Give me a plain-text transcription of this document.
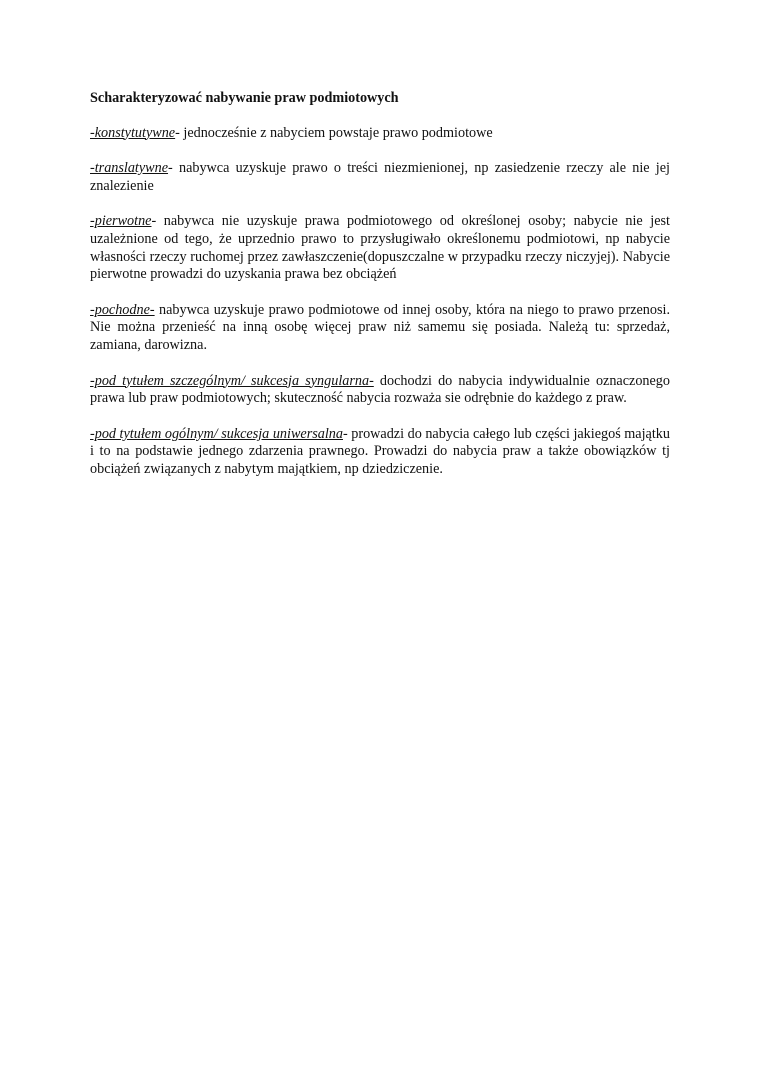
Scharakteryzować nabywanie praw podmiotowych

-konstytutywne- jednocześnie z nabyciem powstaje prawo podmiotowe

-translatywne- nabywca uzyskuje prawo o treści niezmienionej, np zasiedzenie rzeczy ale nie jej znalezienie

-pierwotne- nabywca nie uzyskuje prawa podmiotowego od określonej osoby; nabycie nie jest uzależnione od tego, że uprzednio prawo to przysługiwało określonemu podmiotowi, np nabycie własności rzeczy ruchomej przez zawłaszczenie(dopuszczalne w przypadku rzeczy niczyjej). Nabycie pierwotne prowadzi do uzyskania prawa bez obciążeń

-pochodne- nabywca uzyskuje prawo podmiotowe od innej osoby, która na niego to prawo przenosi. Nie można przenieść na inną osobę więcej praw niż samemu się posiada. Należą tu: sprzedaż, zamiana, darowizna.

-pod tytułem szczególnym/ sukcesja syngularna- dochodzi do nabycia indywidualnie oznaczonego prawa lub praw podmiotowych; skuteczność nabycia rozważa sie odrębnie do każdego z praw.

-pod tytułem ogólnym/ sukcesja uniwersalna- prowadzi do nabycia całego lub części jakiegoś majątku i to na podstawie jednego zdarzenia prawnego. Prowadzi do nabycia praw a także obowiązków tj obciążeń związanych z nabytym majątkiem, np dziedziczenie.
